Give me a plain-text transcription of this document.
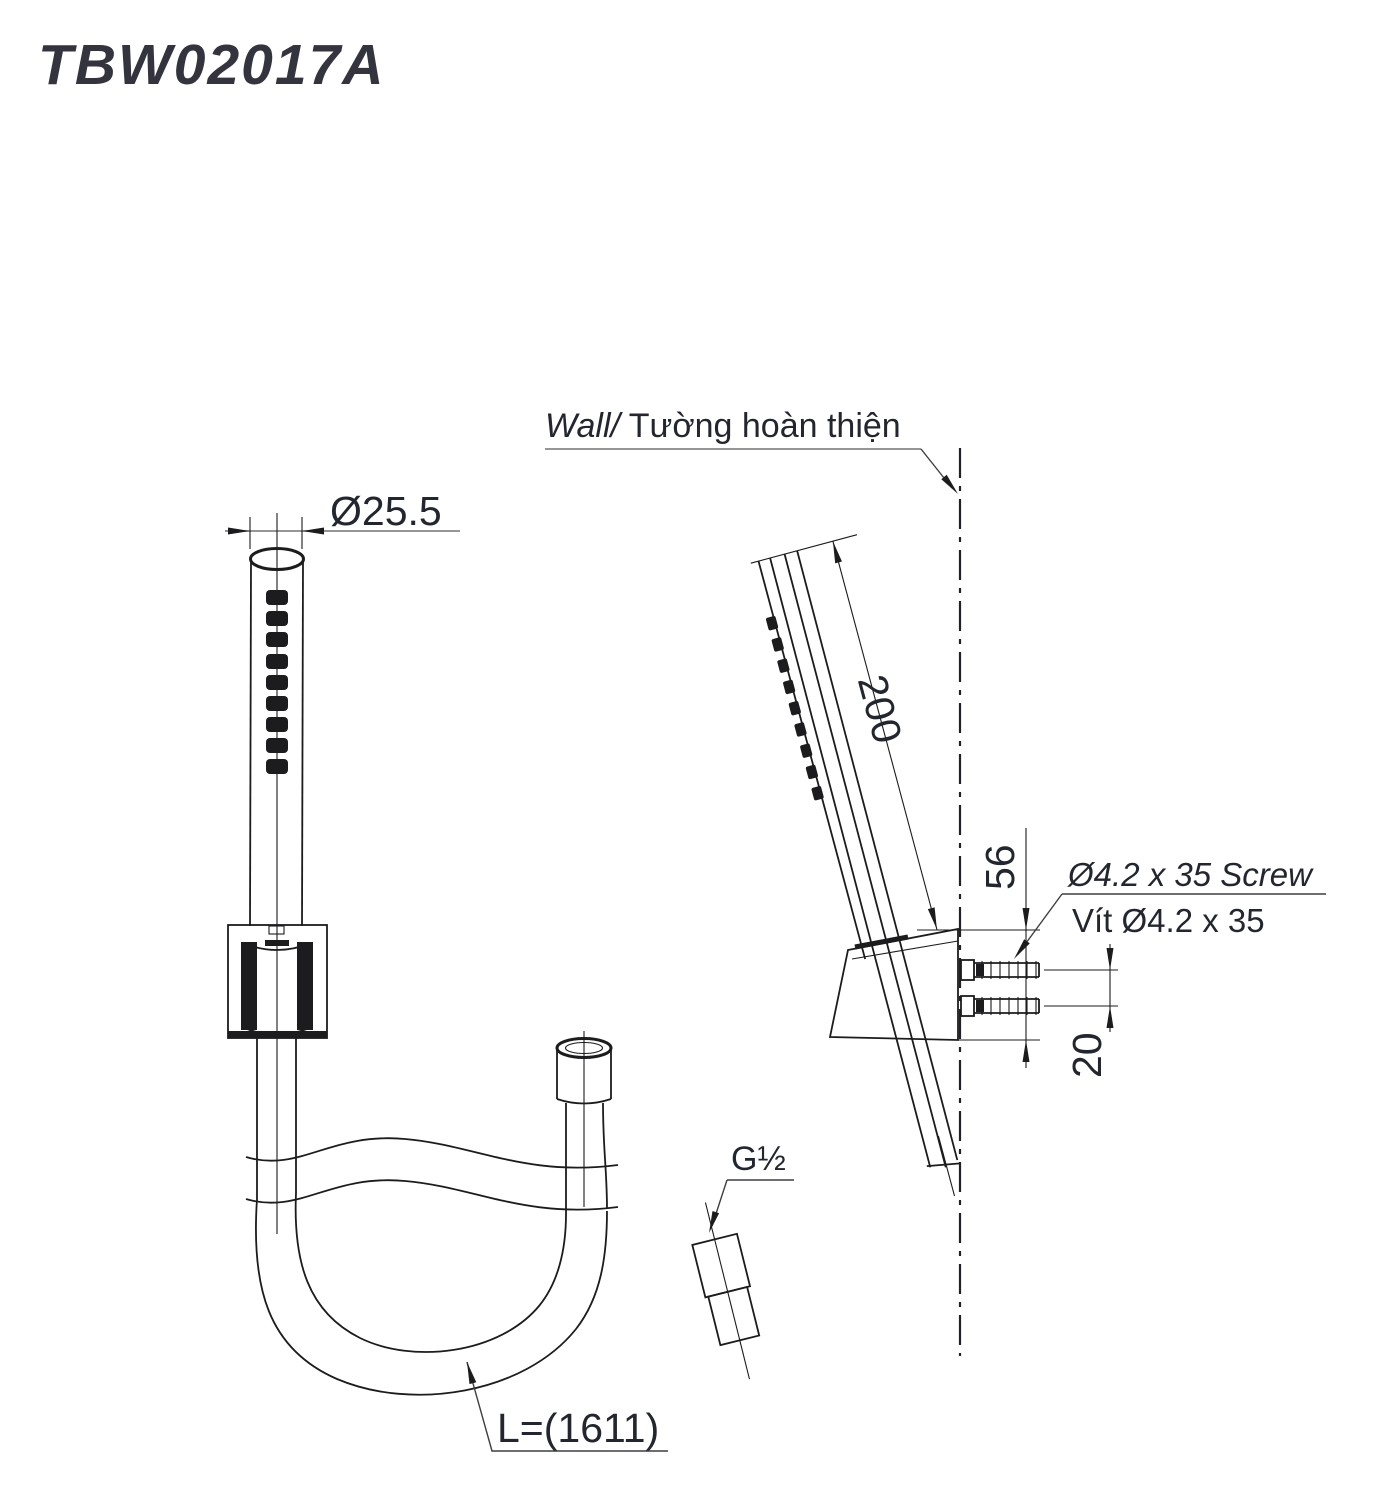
TBW02017A
Ø25.5
L=(1611)
Wall/ Tường hoàn thiện
200
56
20
Ø4.2 x 35 Screw
Vít Ø4.2 x 35
G½
